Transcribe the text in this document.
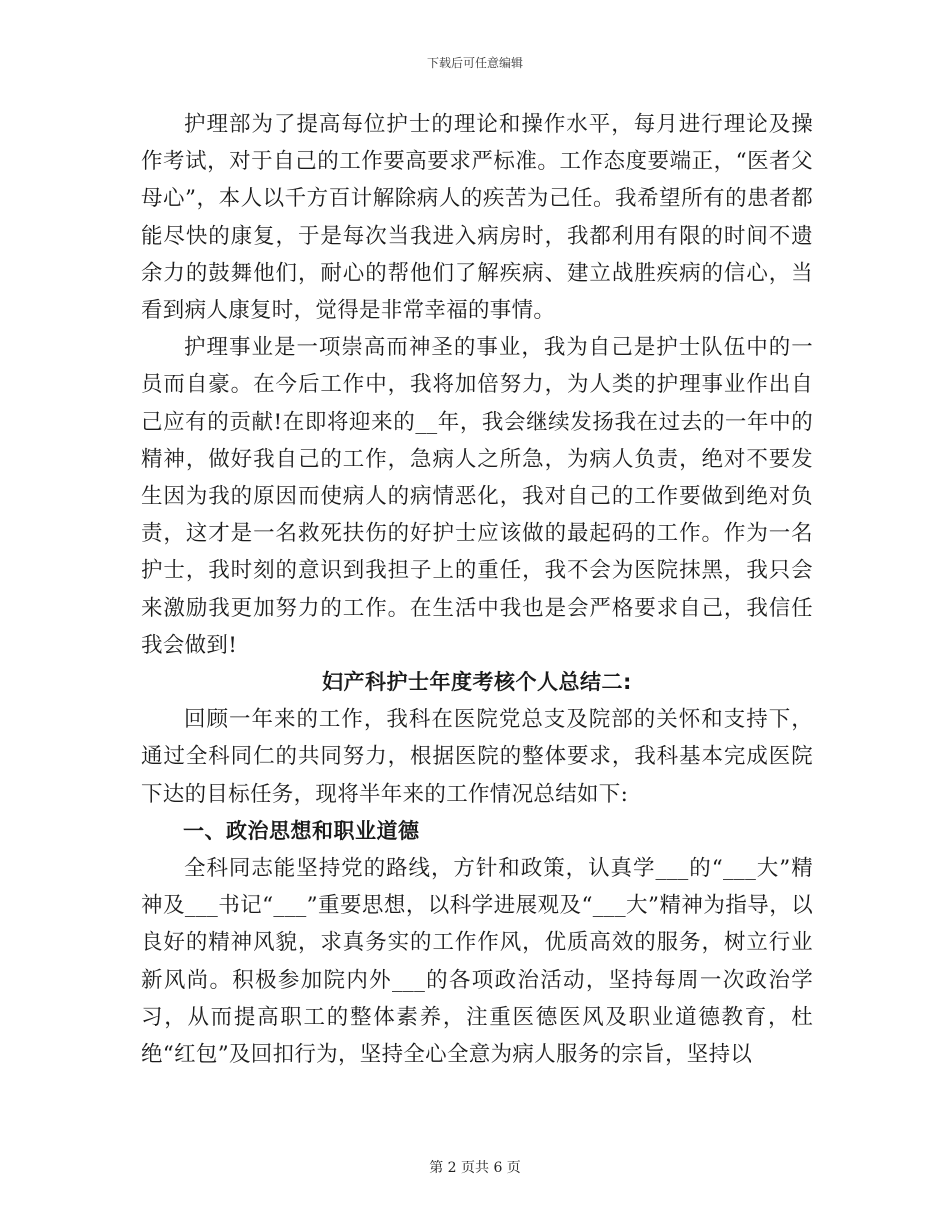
下载后可任意编辑

护理部为了提高每位护士的理论和操作水平，每月进行理论及操作考试，对于自己的工作要高要求严标准。工作态度要端正，“医者父母心”，本人以千方百计解除病人的疾苦为己任。我希望所有的患者都能尽快的康复，于是每次当我进入病房时，我都利用有限的时间不遗余力的鼓舞他们，耐心的帮他们了解疾病、建立战胜疾病的信心，当看到病人康复时，觉得是非常幸福的事情。

护理事业是一项崇高而神圣的事业，我为自己是护士队伍中的一员而自豪。在今后工作中，我将加倍努力，为人类的护理事业作出自己应有的贡献!在即将迎来的__年，我会继续发扬我在过去的一年中的精神，做好我自己的工作，急病人之所急，为病人负责，绝对不要发生因为我的原因而使病人的病情恶化，我对自己的工作要做到绝对负责，这才是一名救死扶伤的好护士应该做的最起码的工作。作为一名护士，我时刻的意识到我担子上的重任，我不会为医院抹黑，我只会来激励我更加努力的工作。在生活中我也是会严格要求自己，我信任我会做到!

妇产科护士年度考核个人总结二:

回顾一年来的工作，我科在医院党总支及院部的关怀和支持下，通过全科同仁的共同努力，根据医院的整体要求，我科基本完成医院下达的目标任务，现将半年来的工作情况总结如下:

一、政治思想和职业道德

全科同志能坚持党的路线，方针和政策，认真学___的“___大”精神及___书记“___”重要思想，以科学进展观及“___大”精神为指导，以良好的精神风貌，求真务实的工作作风，优质高效的服务，树立行业新风尚。积极参加院内外___的各项政治活动，坚持每周一次政治学习，从而提高职工的整体素养，注重医德医风及职业道德教育，杜绝“红包”及回扣行为，坚持全心全意为病人服务的宗旨，坚持以

第 2 页共 6 页
